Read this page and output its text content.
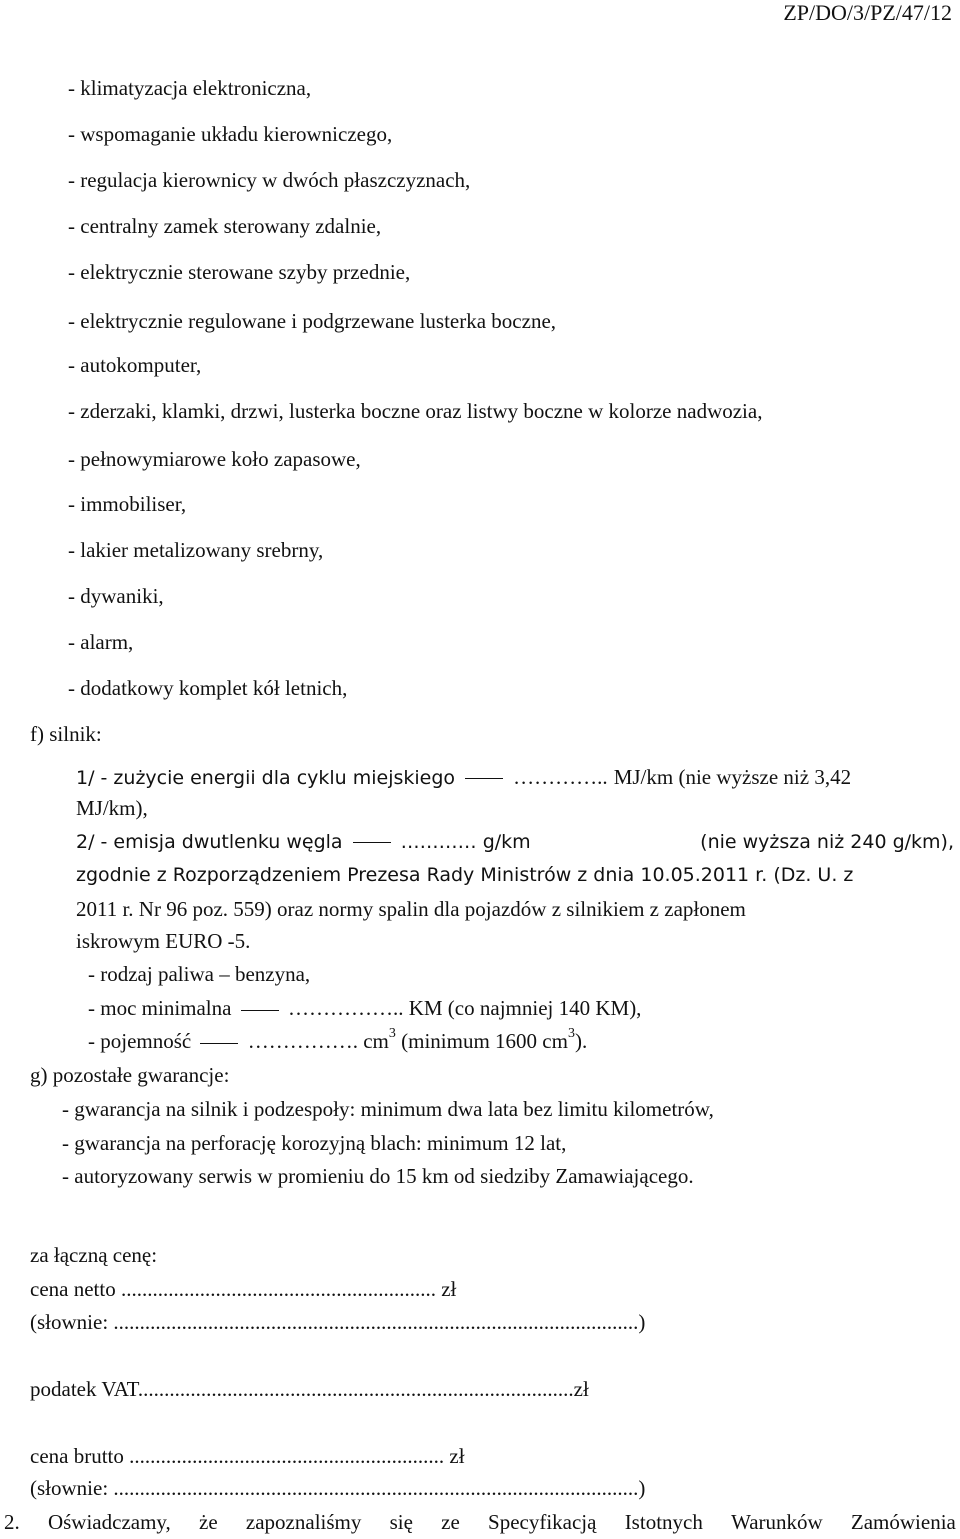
ZP/DO/3/PZ/47/12
- klimatyzacja elektroniczna,
- wspomaganie układu kierowniczego,
- regulacja kierownicy w dwóch płaszczyznach,
- centralny zamek sterowany zdalnie,
- elektrycznie sterowane szyby przednie,
- elektrycznie regulowane i podgrzewane lusterka boczne,
- autokomputer,
- zderzaki, klamki, drzwi, lusterka boczne oraz listwy boczne w kolorze nadwozia,
- pełnowymiarowe koło zapasowe,
- immobiliser,
- lakier metalizowany srebrny,
- dywaniki,
- alarm,
- dodatkowy komplet kół letnich,
f) silnik:
1/ - zużycie energii dla cyklu miejskiego	………….. MJ/km (nie wyższe niż 3,42
MJ/km),
2/ - emisja dwutlenku węgla	………… g/km	(nie wyższa niż 240 g/km),
zgodnie z Rozporządzeniem Prezesa Rady Ministrów z dnia 10.05.2011 r. (Dz. U. z
2011 r. Nr 96 poz. 559) oraz normy spalin dla pojazdów z silnikiem z zapłonem
iskrowym EURO -5.
- rodzaj paliwa – benzyna,
- moc minimalna	…………….. KM (co najmniej 140 KM),
- pojemność	……………. $cm^3$ (minimum 1600 $cm^3$).
g) pozostałe gwarancje:
- gwarancja na silnik i podzespoły: minimum dwa lata bez limitu kilometrów,
- gwarancja na perforację korozyjną blach: minimum 12 lat,
- autoryzowany serwis w promieniu do 15 km od siedziby Zamawiającego.
za łączną cenę:
cena netto ............................................................ zł
(słownie: ....................................................................................................)
podatek VAT...................................................................................zł
cena brutto ............................................................ zł
(słownie: ....................................................................................................)
2. Oświadczamy, że zapoznaliśmy się ze Specyfikacją Istotnych Warunków Zamówienia
